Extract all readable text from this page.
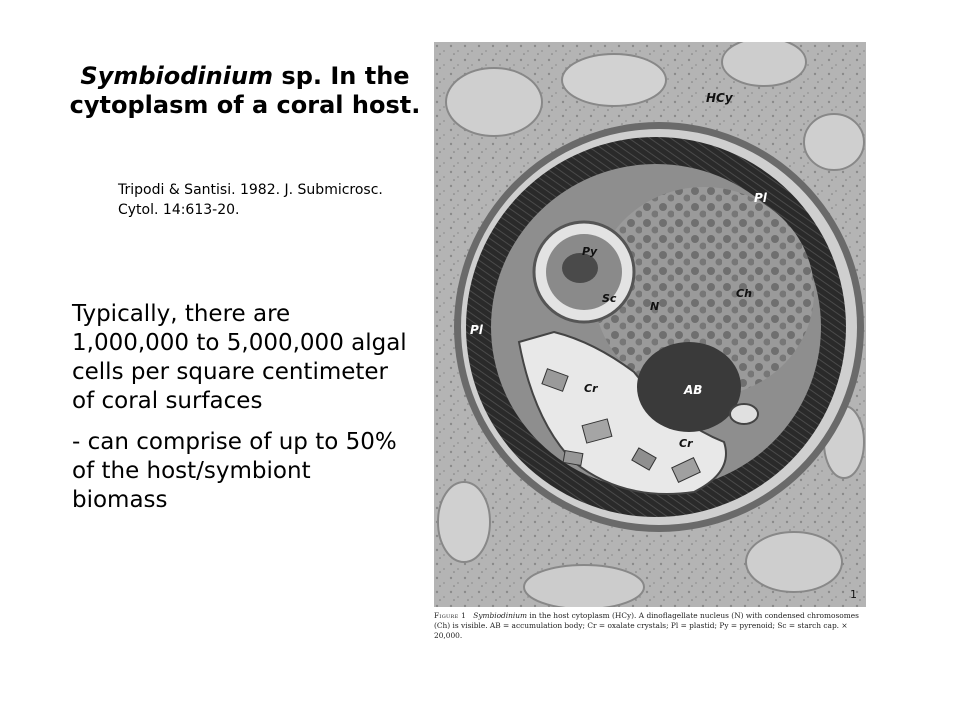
Symbiodinium sp. In the cytoplasm of a coral host.

Tripodi & Santisi. 1982. J. Submicrosc. Cytol. 14:613-20.

Typically, there are 1,000,000 to 5,000,000 algal cells per square centimeter of coral surfaces

- can comprise of up to 50% of the host/symbiont biomass

HCy
Pl
Pl
Py
Sc
N
Ch
Cr
Cr
AB
1
Figure 1 Symbiodinium in the host cytoplasm (HCy). A dinoflagellate nucleus (N) with condensed chromosomes (Ch) is visible. AB = accumulation body; Cr = oxalate crystals; Pl = plastid; Py = pyrenoid; Sc = starch cap. × 20,000.
